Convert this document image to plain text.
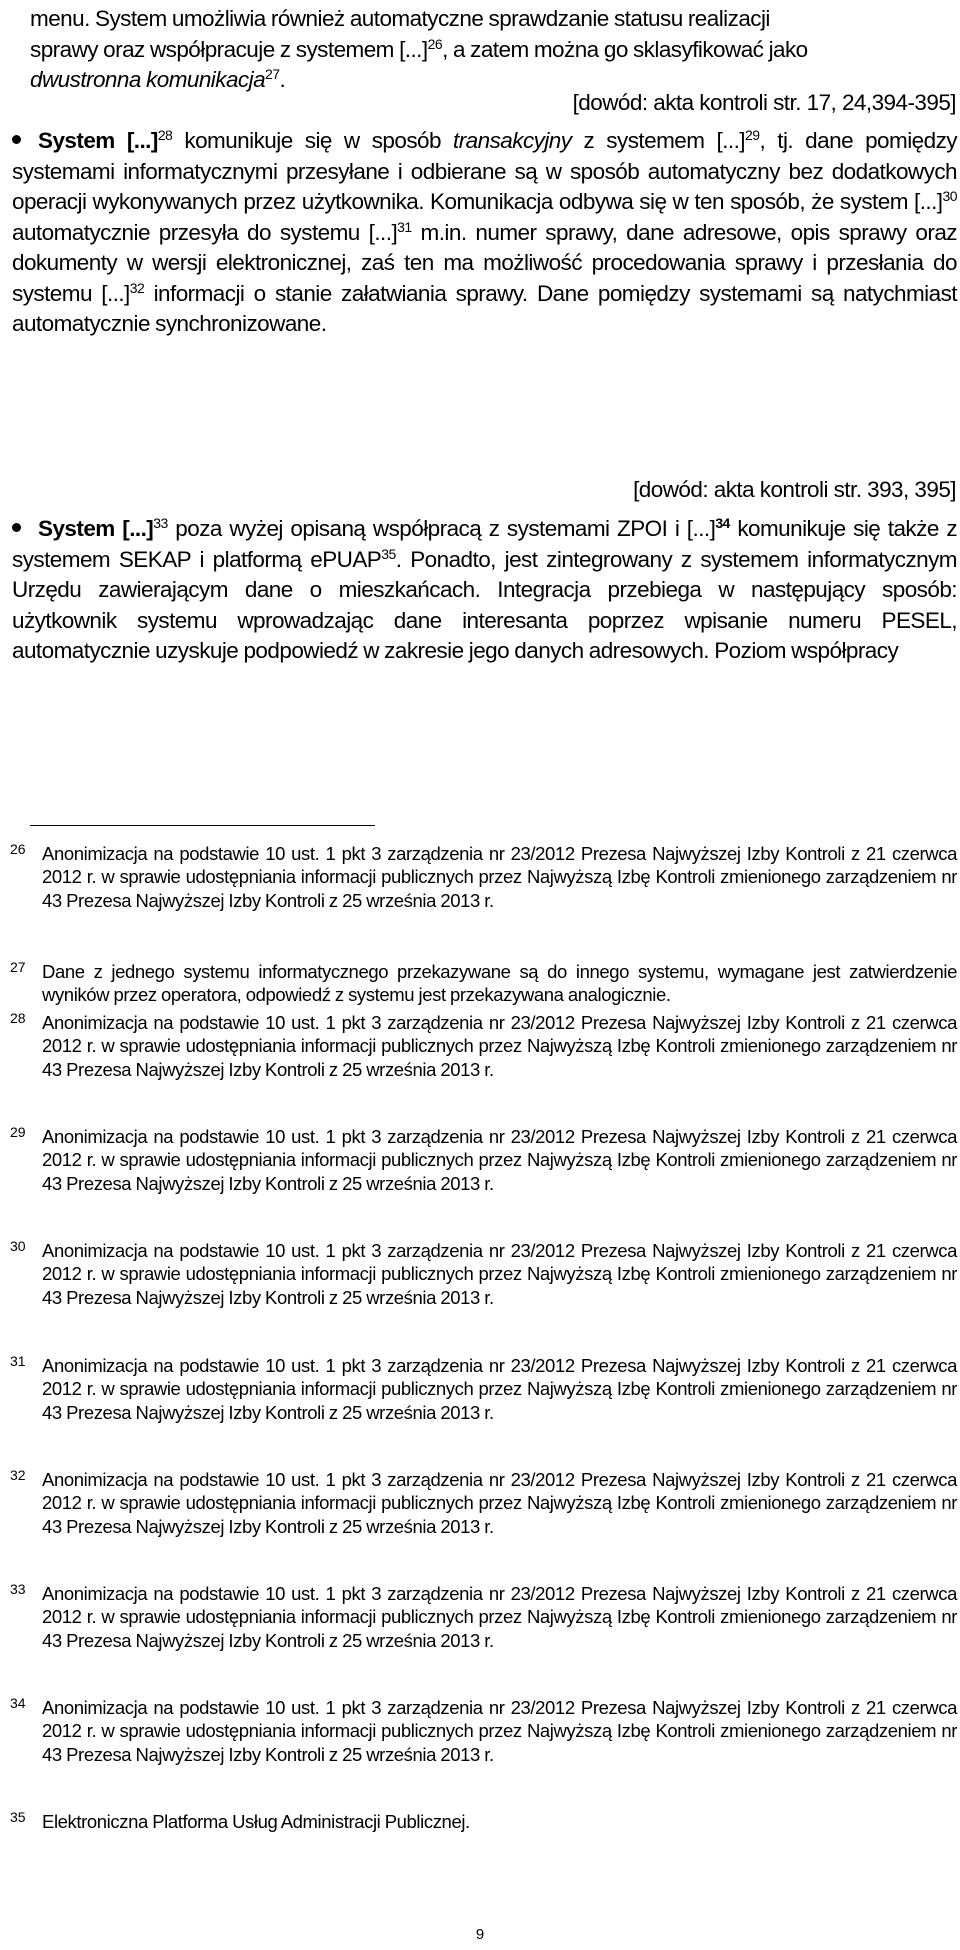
menu. System umożliwia również automatyczne sprawdzanie statusu realizacji
sprawy oraz współpracuje z systemem [...]$^{26}$, a zatem można go sklasyfikować jako
dwustronna komunikacja$^{27}$.
[dowód: akta kontroli str. 17, 24,394-395]
System [...]$^{28}$ komunikuje się w sposób transakcyjny z systemem [...]$^{29}$, tj. dane pomiędzy systemami informatycznymi przesyłane i odbierane są w sposób automatyczny bez dodatkowych operacji wykonywanych przez użytkownika. Komunikacja odbywa się w ten sposób, że system [...]$^{30}$ automatycznie przesyła do systemu [...]$^{31}$ m.in. numer sprawy, dane adresowe, opis sprawy oraz dokumenty w wersji elektronicznej, zaś ten ma możliwość procedowania sprawy i przesłania do systemu [...]$^{32}$ informacji o stanie załatwiania sprawy. Dane pomiędzy systemami są natychmiast automatycznie synchronizowane.
[dowód: akta kontroli str. 393, 395]
System [...]$^{33}$ poza wyżej opisaną współpracą z systemami ZPOI i [...]$^{34}$ komunikuje się także z systemem SEKAP i platformą ePUAP$^{35}$. Ponadto, jest zintegrowany z systemem informatycznym Urzędu zawierającym dane o mieszkańcach. Integracja przebiega w następujący sposób: użytkownik systemu wprowadzając dane interesanta poprzez wpisanie numeru PESEL, automatycznie uzyskuje podpowiedź w zakresie jego danych adresowych. Poziom współpracy
26 Anonimizacja na podstawie 10 ust. 1 pkt 3 zarządzenia nr 23/2012 Prezesa Najwyższej Izby Kontroli z 21 czerwca 2012 r. w sprawie udostępniania informacji publicznych przez Najwyższą Izbę Kontroli zmienionego zarządzeniem nr 43 Prezesa Najwyższej Izby Kontroli z 25 września 2013 r.
27 Dane z jednego systemu informatycznego przekazywane są do innego systemu, wymagane jest zatwierdzenie wyników przez operatora, odpowiedź z systemu jest przekazywana analogicznie.
28 Anonimizacja na podstawie 10 ust. 1 pkt 3 zarządzenia nr 23/2012 Prezesa Najwyższej Izby Kontroli z 21 czerwca 2012 r. w sprawie udostępniania informacji publicznych przez Najwyższą Izbę Kontroli zmienionego zarządzeniem nr 43 Prezesa Najwyższej Izby Kontroli z 25 września 2013 r.
29 Anonimizacja na podstawie 10 ust. 1 pkt 3 zarządzenia nr 23/2012 Prezesa Najwyższej Izby Kontroli z 21 czerwca 2012 r. w sprawie udostępniania informacji publicznych przez Najwyższą Izbę Kontroli zmienionego zarządzeniem nr 43 Prezesa Najwyższej Izby Kontroli z 25 września 2013 r.
30 Anonimizacja na podstawie 10 ust. 1 pkt 3 zarządzenia nr 23/2012 Prezesa Najwyższej Izby Kontroli z 21 czerwca 2012 r. w sprawie udostępniania informacji publicznych przez Najwyższą Izbę Kontroli zmienionego zarządzeniem nr 43 Prezesa Najwyższej Izby Kontroli z 25 września 2013 r.
31 Anonimizacja na podstawie 10 ust. 1 pkt 3 zarządzenia nr 23/2012 Prezesa Najwyższej Izby Kontroli z 21 czerwca 2012 r. w sprawie udostępniania informacji publicznych przez Najwyższą Izbę Kontroli zmienionego zarządzeniem nr 43 Prezesa Najwyższej Izby Kontroli z 25 września 2013 r.
32 Anonimizacja na podstawie 10 ust. 1 pkt 3 zarządzenia nr 23/2012 Prezesa Najwyższej Izby Kontroli z 21 czerwca 2012 r. w sprawie udostępniania informacji publicznych przez Najwyższą Izbę Kontroli zmienionego zarządzeniem nr 43 Prezesa Najwyższej Izby Kontroli z 25 września 2013 r.
33 Anonimizacja na podstawie 10 ust. 1 pkt 3 zarządzenia nr 23/2012 Prezesa Najwyższej Izby Kontroli z 21 czerwca 2012 r. w sprawie udostępniania informacji publicznych przez Najwyższą Izbę Kontroli zmienionego zarządzeniem nr 43 Prezesa Najwyższej Izby Kontroli z 25 września 2013 r.
34 Anonimizacja na podstawie 10 ust. 1 pkt 3 zarządzenia nr 23/2012 Prezesa Najwyższej Izby Kontroli z 21 czerwca 2012 r. w sprawie udostępniania informacji publicznych przez Najwyższą Izbę Kontroli zmienionego zarządzeniem nr 43 Prezesa Najwyższej Izby Kontroli z 25 września 2013 r.
35 Elektroniczna Platforma Usług Administracji Publicznej.
9
